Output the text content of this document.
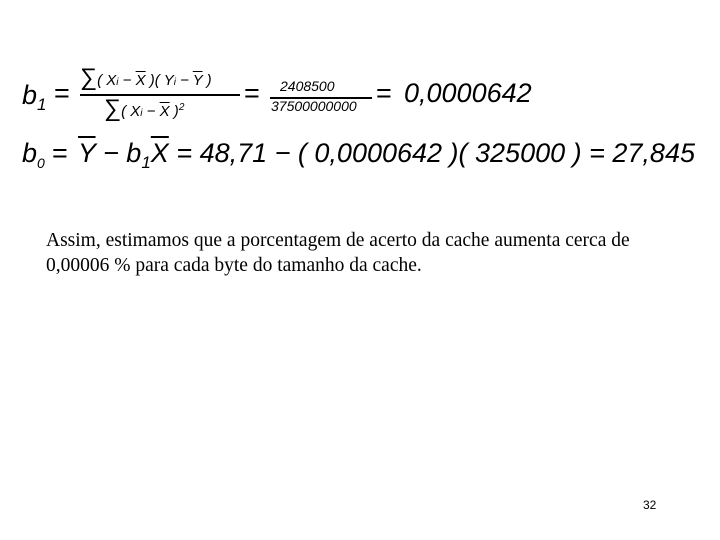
$b_1$ =
∑( $Xi - \overline{X}$ )( $Yi - \overline{Y}$ )
∑( $Xi - \overline{X}$ )$^2$ = 2408500
37500000000 = 0,0000642
$b_0 = \overline{Y} - b_1\overline{X} = 48,71$ − ( 0,0000642 )( 325000 ) = 27,845

Assim, estimamos que a porcentagem de acerto da cache aumenta cerca de 0,00006 % para cada byte do tamanho da cache.

32
